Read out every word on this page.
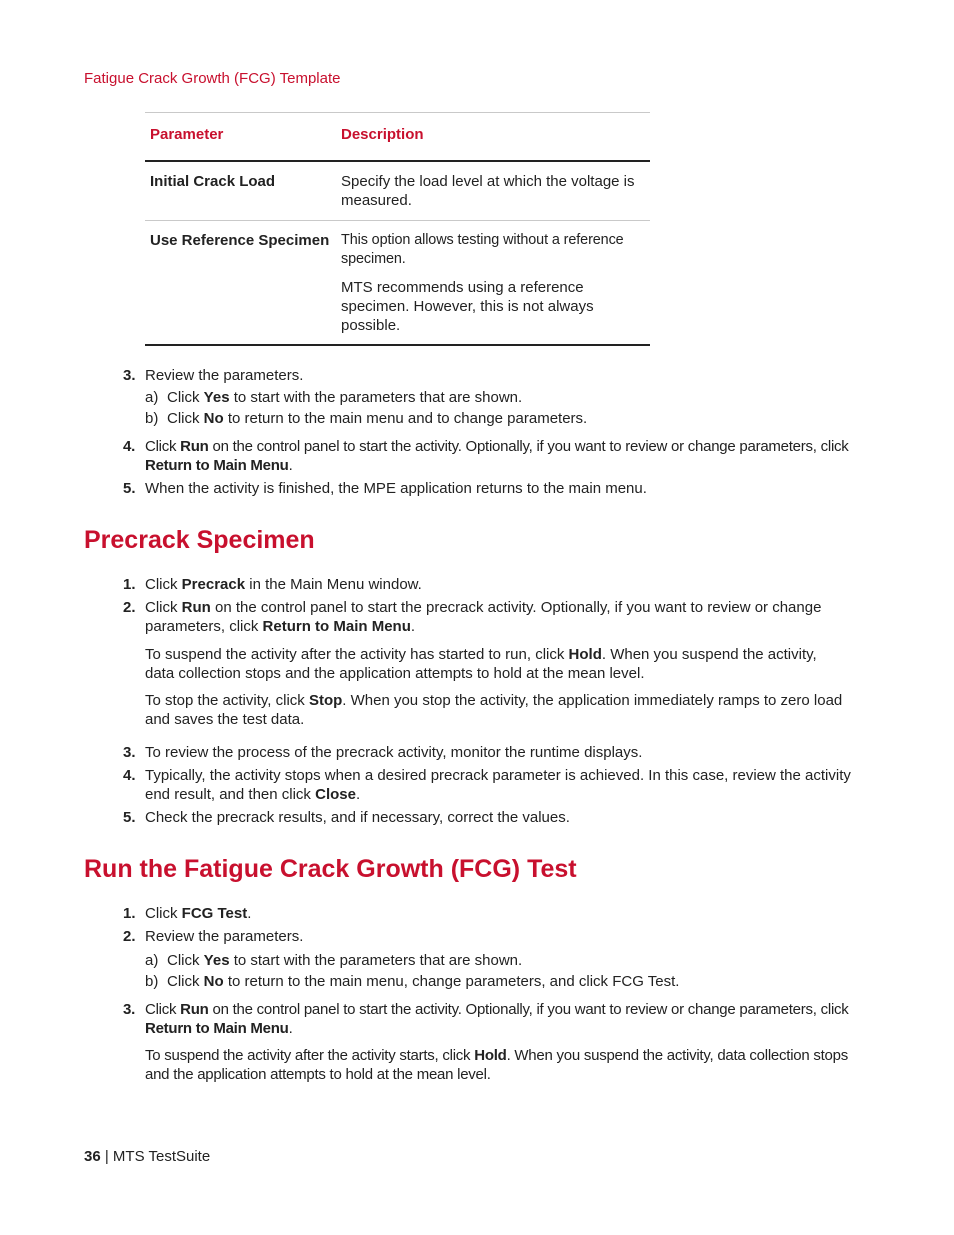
Fatigue Crack Growth (FCG) Template
Parameter	Description
Initial Crack Load	Specify the load level at which the voltage is measured.
Use Reference Specimen This option allows testing without a reference specimen.
MTS recommends using a reference specimen. However, this is not always possible.
3. Review the parameters.
a) Click Yes to start with the parameters that are shown.
b) Click No to return to the main menu and to change parameters.
4. Click Run on the control panel to start the activity. Optionally, if you want to review or change parameters, click Return to Main Menu.
5. When the activity is finished, the MPE application returns to the main menu.
Precrack Specimen
1. Click Precrack in the Main Menu window.
2. Click Run on the control panel to start the precrack activity. Optionally, if you want to review or change parameters, click Return to Main Menu.
To suspend the activity after the activity has started to run, click Hold. When you suspend the activity, data collection stops and the application attempts to hold at the mean level.
To stop the activity, click Stop. When you stop the activity, the application immediately ramps to zero load and saves the test data.
3. To review the process of the precrack activity, monitor the runtime displays.
4. Typically, the activity stops when a desired precrack parameter is achieved. In this case, review the activity end result, and then click Close.
5. Check the precrack results, and if necessary, correct the values.
Run the Fatigue Crack Growth (FCG) Test
1. Click FCG Test.
2. Review the parameters.
a) Click Yes to start with the parameters that are shown.
b) Click No to return to the main menu, change parameters, and click FCG Test.
3. Click Run on the control panel to start the activity. Optionally, if you want to review or change parameters, click Return to Main Menu.
To suspend the activity after the activity starts, click Hold. When you suspend the activity, data collection stops and the application attempts to hold at the mean level.
36 | MTS TestSuite
